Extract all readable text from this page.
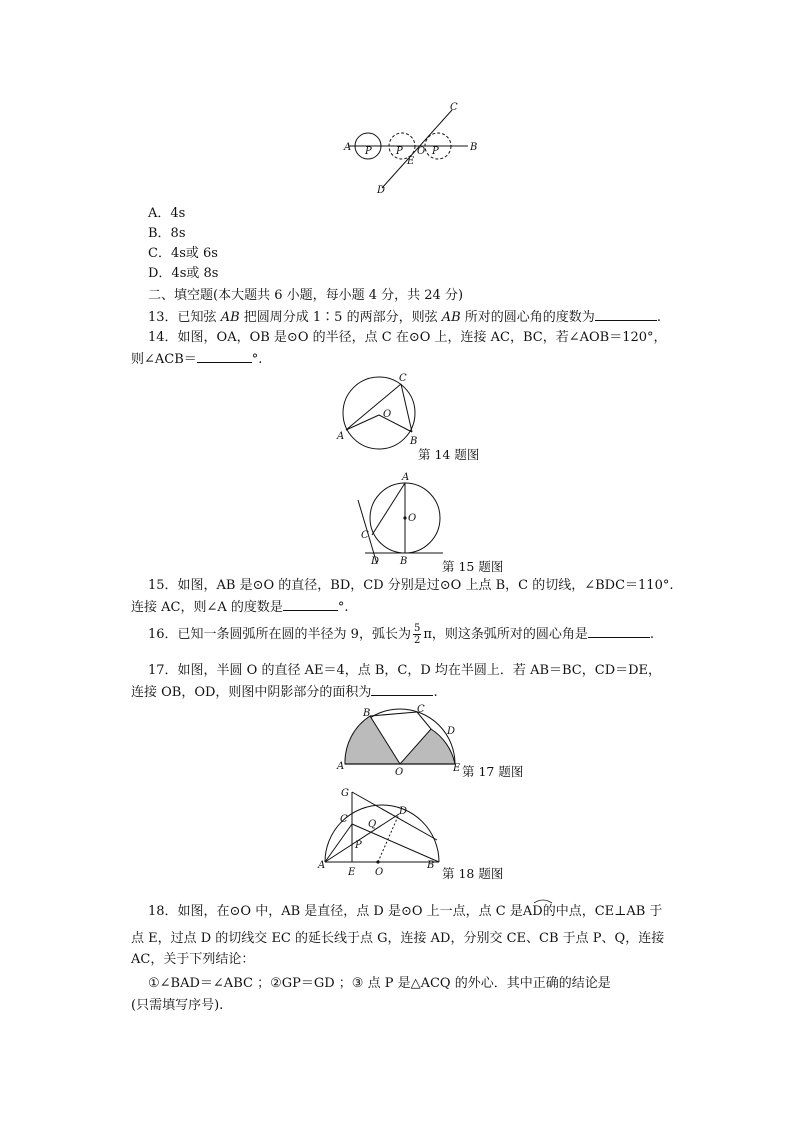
A P P O P
E
B
C
D
A．4s
B．8s
C．4s或 6s
D．4s或 8s
二、填空题(本大题共 6 小题，每小题 4 分，共 24 分)
13．已知弦 AB 把圆周分成 1∶5 的两部分，则弦 AB 所对的圆心角的度数为	.
14．如图，OA，OB 是⊙O 的半径，点 C 在⊙O 上，连接 AC，BC，若∠AOB＝120°，
则∠ACB＝	°.
C
O
A	B
第 14 题图
A
O
C
D B	第 15 题图
15．如图，AB 是⊙O 的直径，BD，CD 分别是过⊙O 上点 B，C 的切线，∠BDC＝110°.
连接 AC，则∠A 的度数是	°.
16．已知一条圆弧所在圆的半径为 9，弧长为 $\frac{5}{2}$ π，则这条弧所对的圆心角是	.
17．如图，半圆 O 的直径 AE＝4，点 B，C，D 均在半圆上．若 AB＝BC，CD＝DE，
连接 OB，OD，则图中阴影部分的面积为	.
B	C
D
A
O	E 第 17 题图
G
D
C Q
P
A
E O
B
第 18 题图
18．如图，在⊙O 中，AB 是直径，点 D 是⊙O 上一点，点 C 是AD的中点，CE⊥AB 于
点 E，过点 D 的切线交 EC 的延长线于点 G，连接 AD，分别交 CE、CB 于点 P、Q，连接
AC，关于下列结论：
①∠BAD＝∠ABC ；②GP＝GD ；③ 点 P 是△ACQ 的外心．其中正确的结论是
(只需填写序号).
